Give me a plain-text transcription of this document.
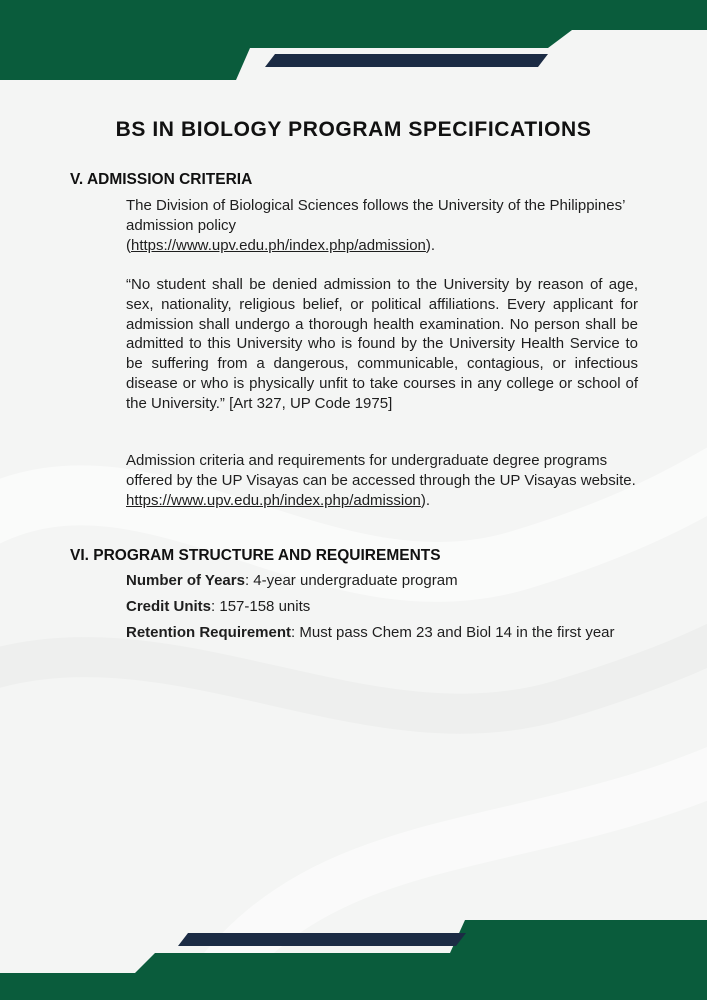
BS IN BIOLOGY PROGRAM SPECIFICATIONS
V. ADMISSION CRITERIA
The Division of Biological Sciences follows the University of the Philippines’ admission policy
(https://www.upv.edu.ph/index.php/admission).
“No student shall be denied admission to the University by reason of age, sex, nationality, religious belief, or political affiliations. Every applicant for admission shall undergo a thorough health examination. No person shall be admitted to this University who is found by the University Health Service to be suffering from a dangerous, communicable, contagious, or infectious disease or who is physically unfit to take courses in any college or school of the University.” [Art 327, UP Code 1975]
Admission criteria and requirements for undergraduate degree programs offered by the UP Visayas can be accessed through the UP Visayas website.
https://www.upv.edu.ph/index.php/admission).
VI. PROGRAM STRUCTURE AND REQUIREMENTS
Number of Years: 4-year undergraduate program
Credit Units: 157-158 units
Retention Requirement: Must pass Chem 23 and Biol 14 in the first year
